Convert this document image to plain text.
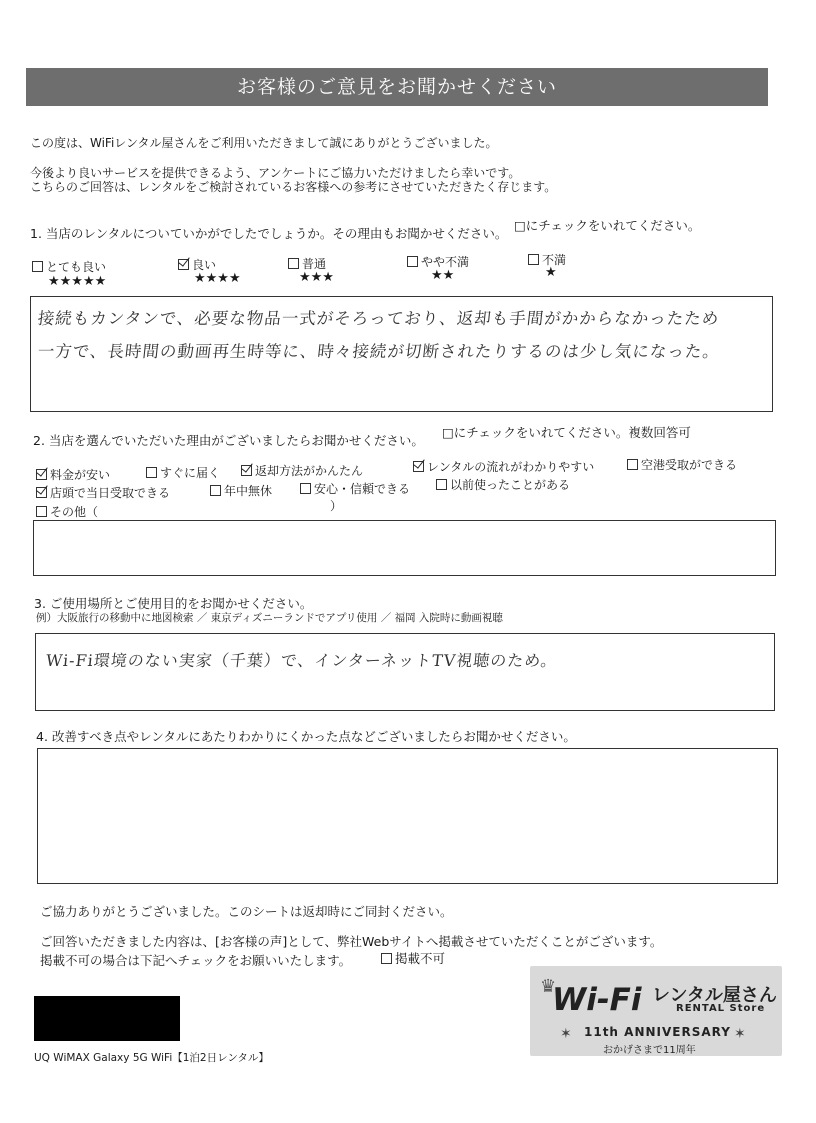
お客様のご意見をお聞かせください
この度は、WiFiレンタル屋さんをご利用いただきまして誠にありがとうございました。
今後より良いサービスを提供できるよう、アンケートにご協力いただけましたら幸いです。
こちらのご回答は、レンタルをご検討されているお客様への参考にさせていただきたく存じます。
1. 当店のレンタルについていかがでしたでしょうか。その理由もお聞かせください。
□にチェックをいれてください。
とても良い
★★★★★
良い
★★★★
普通
★★★
やや不満
★★
不満
★
接続もカンタンで、必要な物品一式がそろっており、返却も手間がかからなかったため
一方で、長時間の動画再生時等に、時々接続が切断されたりするのは少し気になった。
2. 当店を選んでいただいた理由がございましたらお聞かせください。
□にチェックをいれてください。複数回答可
料金が安い	すぐに届く	返却方法がかんたん	レンタルの流れがわかりやすい	空港受取ができる
店頭で当日受取できる	年中無休	安心・信頼できる	以前使ったことがある
その他（	）
3. ご使用場所とご使用目的をお聞かせください。
例）大阪旅行の移動中に地図検索 ／ 東京ディズニーランドでアプリ使用 ／ 福岡 入院時に動画視聴
Wi-Fi環境のない実家（千葉）で、インターネットTV視聴のため。
4. 改善すべき点やレンタルにあたりわかりにくかった点などございましたらお聞かせください。
ご協力ありがとうございました。このシートは返却時にご同封ください。
ご回答いただきました内容は、[お客様の声]として、弊社Webサイトへ掲載させていただくことがございます。
掲載不可の場合は下記へチェックをお願いいたします。	掲載不可
UQ WiMAX Galaxy 5G WiFi【1泊2日レンタル】
♛
Wi-Fi レンタル屋さん
RENTAL Store
✶ 11th ANNIVERSARY ✶
おかげさまで11周年
